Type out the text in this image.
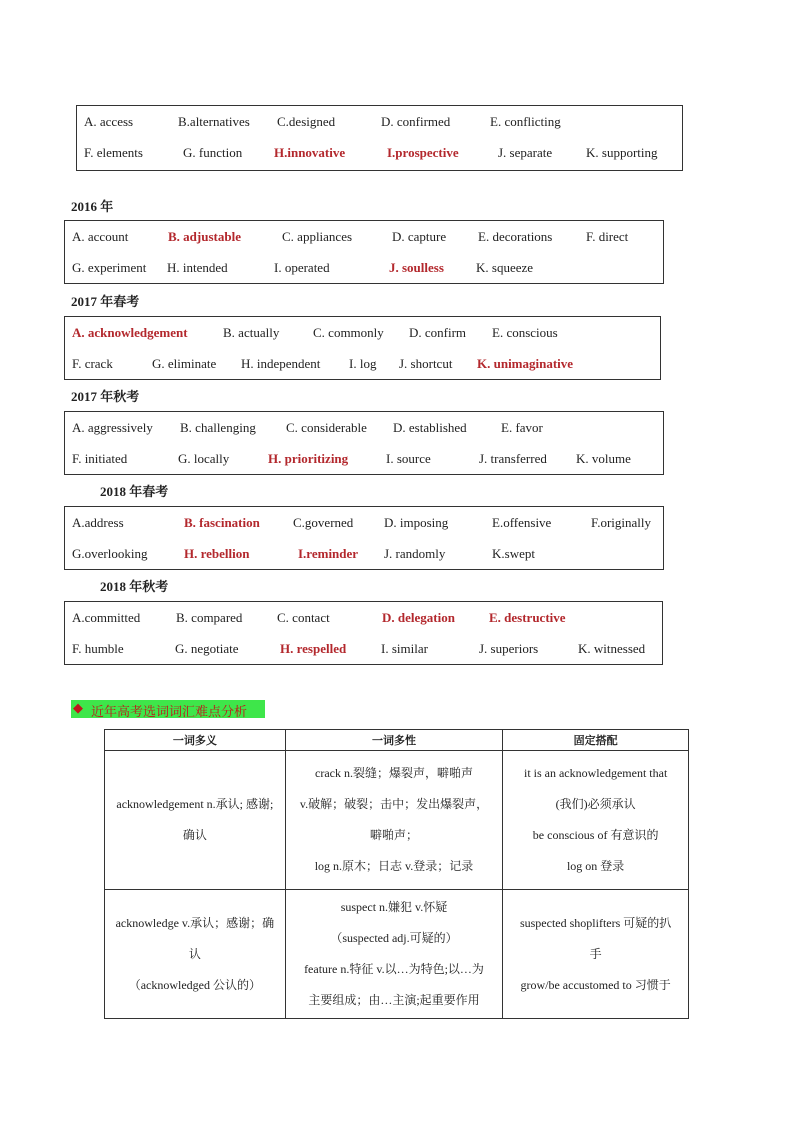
A. access	B.alternatives C.designed	D. confirmed	E. conflicting
F. elements	G. function H.innovative	I.prospective	J. separate	K. supporting
2016 年
A. account	B. adjustable	C. appliances	D. capture E. decorations	F. direct
G. experiment H. intended	I. operated	J. soulless K. squeeze
2017 年春考
A. acknowledgement	B. actually	C. commonly D. confirm E. conscious
F. crack	G. eliminate H. independent I. log J. shortcut K. unimaginative
2017 年秋考
A. aggressively B. challenging C. considerable D. established	E. favor
F. initiated	G. locally	H. prioritizing	I. source	J. transferred K. volume
2018 年春考
A.address	B. fascination	C.governed D. imposing	E.offensive	F.originally
G.overlooking	H. rebellion	I.reminder J. randomly	K.swept
2018 年秋考
A.committed	B. compared	C. contact	D. delegation	E. destructive
F. humble	G. negotiate	H. respelled	I. similar	J. superiors	K. witnessed
◆ 近年高考选词词汇难点分析
一词多义	一词多性	固定搭配

acknowledgement n.承认; 感谢;
确认	crack n.裂缝；爆裂声，噼啪声
v.破解；破裂；击中；发出爆裂声，
噼啪声；
log n.原木；日志 v.登录；记录	it is an acknowledgement that
(我们)必须承认
be conscious of 有意识的
log on 登录

acknowledge v.承认；感谢；确
认
（acknowledged 公认的）	suspect n.嫌犯 v.怀疑
（suspected adj.可疑的）
feature n.特征 v.以…为特色;以…为
主要组成；由…主演;起重要作用	suspected shoplifters 可疑的扒
手
grow/be accustomed to 习惯于
